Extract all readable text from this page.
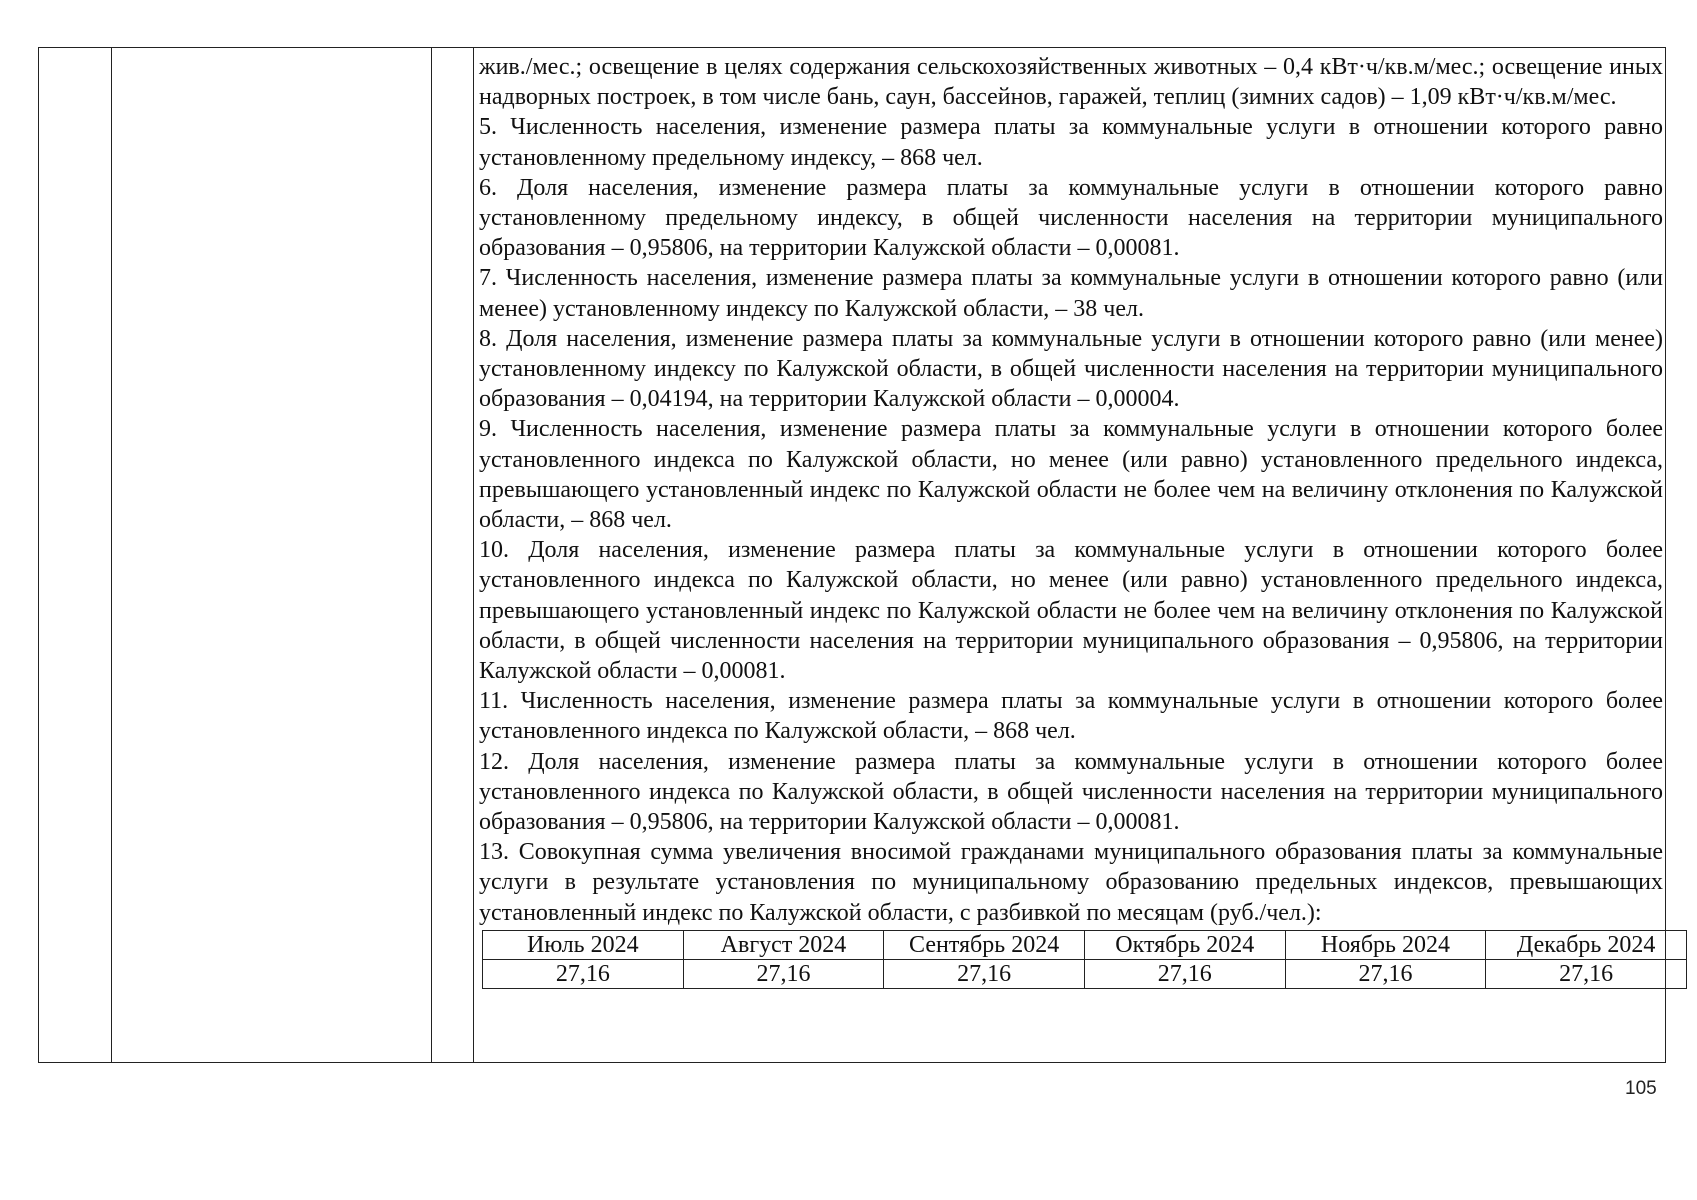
жив./мес.; освещение в целях содержания сельскохозяйственных животных – 0,4 кВт·ч/кв.м/мес.; освещение иных надворных построек, в том числе бань, саун, бассейнов, гаражей, теплиц (зимних садов) – 1,09 кВт·ч/кв.м/мес.

5. Численность населения, изменение размера платы за коммунальные услуги в отношении которого равно установленному предельному индексу, – 868 чел.

6. Доля населения, изменение размера платы за коммунальные услуги в отношении которого равно установленному предельному индексу, в общей численности населения на территории муниципального образования – 0,95806, на территории Калужской области – 0,00081.

7. Численность населения, изменение размера платы за коммунальные услуги в отношении которого равно (или менее) установленному индексу по Калужской области, – 38 чел.

8. Доля населения, изменение размера платы за коммунальные услуги в отношении которого равно (или менее) установленному индексу по Калужской области, в общей численности населения на территории муниципального образования – 0,04194, на территории Калужской области – 0,00004.

9. Численность населения, изменение размера платы за коммунальные услуги в отношении которого более установленного индекса по Калужской области, но менее (или равно) установленного предельного индекса, превышающего установленный индекс по Калужской области не более чем на величину отклонения по Калужской области, – 868 чел.

10. Доля населения, изменение размера платы за коммунальные услуги в отношении которого более установленного индекса по Калужской области, но менее (или равно) установленного предельного индекса, превышающего установленный индекс по Калужской области не более чем на величину отклонения по Калужской области, в общей численности населения на территории муниципального образования – 0,95806, на территории Калужской области – 0,00081.

11. Численность населения, изменение размера платы за коммунальные услуги в отношении которого более установленного индекса по Калужской области, – 868 чел.

12. Доля населения, изменение размера платы за коммунальные услуги в отношении которого более установленного индекса по Калужской области, в общей численности населения на территории муниципального образования – 0,95806, на территории Калужской области – 0,00081.

13. Совокупная сумма увеличения вносимой гражданами муниципального образования платы за коммунальные услуги в результате установления по муниципальному образованию предельных индексов, превышающих установленный индекс по Калужской области, с разбивкой по месяцам (руб./чел.):

Июль 2024	Август 2024	Сентябрь 2024	Октябрь 2024	Ноябрь 2024	Декабрь 2024
27,16	27,16	27,16	27,16	27,16	27,16
105
